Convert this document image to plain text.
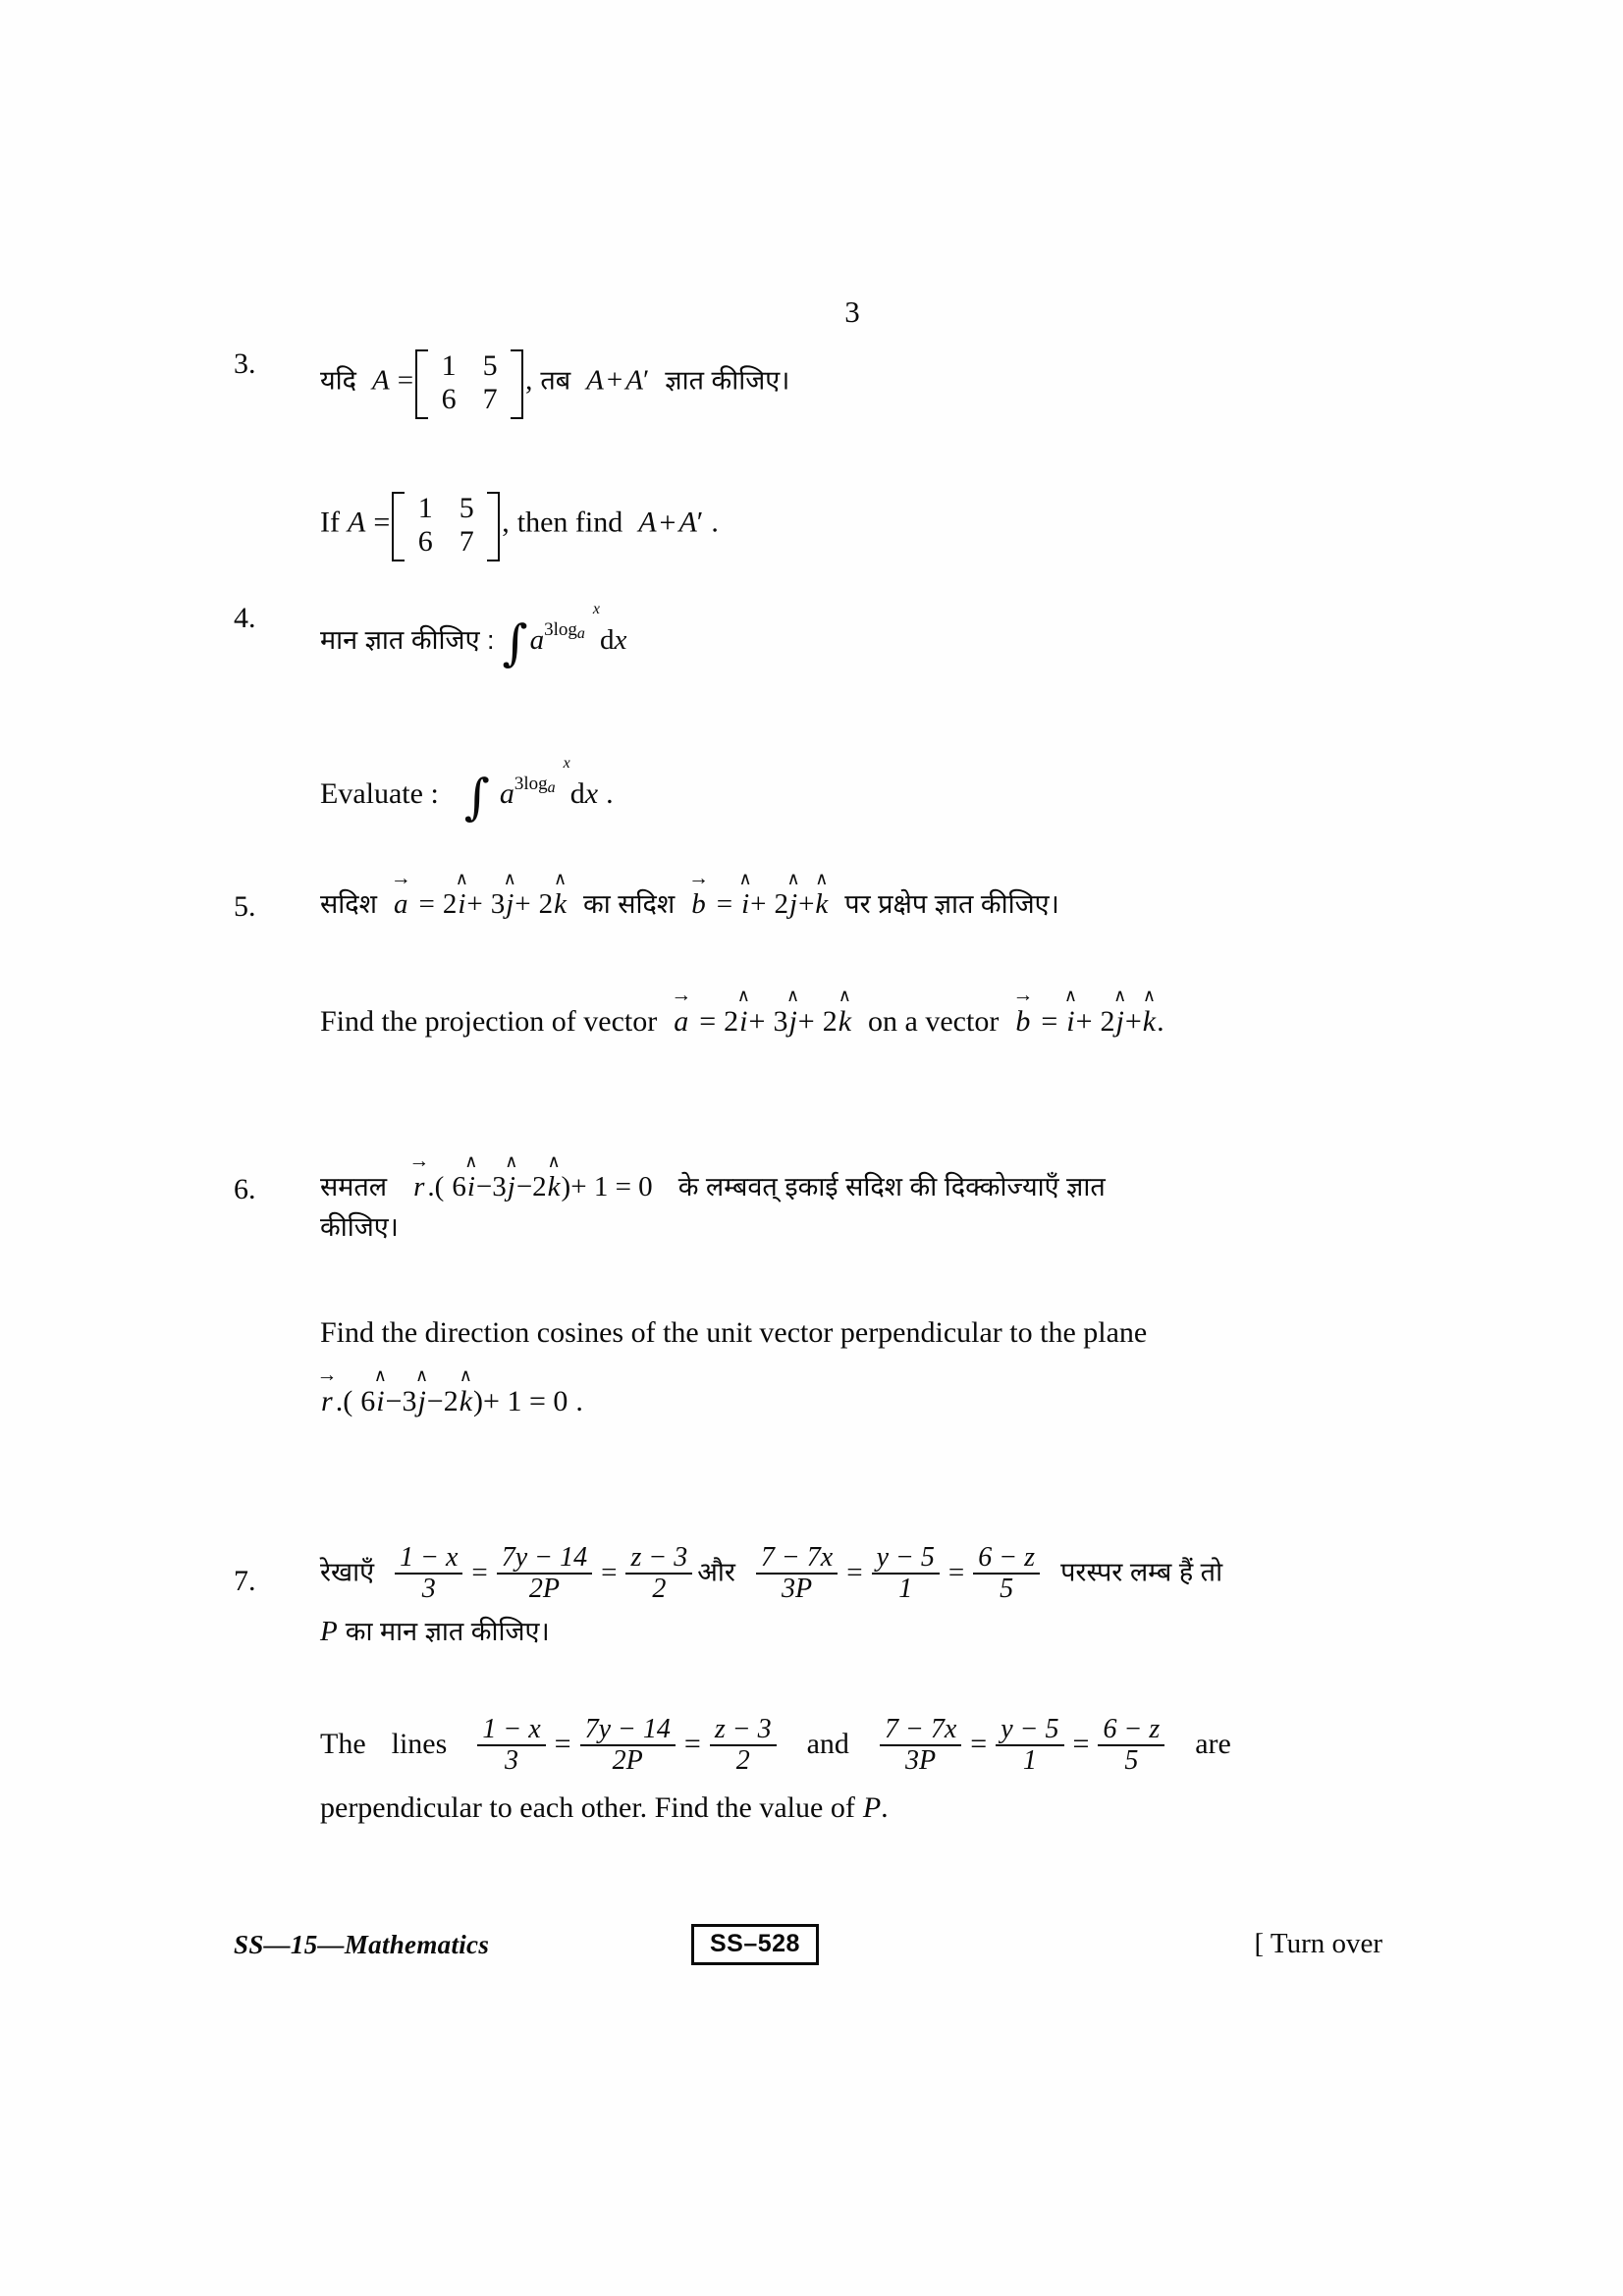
3
3.
यदि A = 1 5
6 7
, तब A + A′ ज्ञात कीजिए।
If A = 1 5
6 7
, then find A + A′ .
4.
मान ज्ञात कीजिए : $\int a^{3loga^x}dx$
Evaluate : ∫ $a^{3loga^x}dx$ .
5.	सदिश
→
a = 2
∧
i+ 3
∧
j+ 2
∧
k का सदिश
→
b =
∧
i+ 2
∧
j+
∧
k पर प्रक्षेप ज्ञात कीजिए।
Find the projection of vector
→
a = 2
∧
i+ 3
∧
j+ 2
∧
k on a vector
→
b =
∧
i+ 2
∧
j+
∧
k.
6.	समतल
→
r .( 6
∧
i−3
∧
j−2
∧
k)+ 1 = 0 के लम्बवत् इकाई सदिश की दिक्कोज्याएँ ज्ञात
कीजिए।
Find the direction cosines of the unit vector perpendicular to the plane
→
r .( 6
∧
i−3
∧
j−2
∧
k)+ 1 = 0 .
7.	रेखाएँ $\frac{1 - x}{3} = \frac{7y - 14}{2P} = \frac{z - 3}{2}$ और $\frac{7 - 7x}{3P} = \frac{y - 5}{1} = \frac{6 - z}{5}$ परस्पर लम्ब हैं तो
P का मान ज्ञात कीजिए।
The lines $\frac{1 - x}{3} = \frac{7y - 14}{2P} = \frac{z - 3}{2}$ and $\frac{7 - 7x}{3P} = \frac{y - 5}{1} = \frac{6 - z}{5}$ are
perpendicular to each other. Find the value of P.
SS—15—Mathematics	SS–528	[ Turn over
